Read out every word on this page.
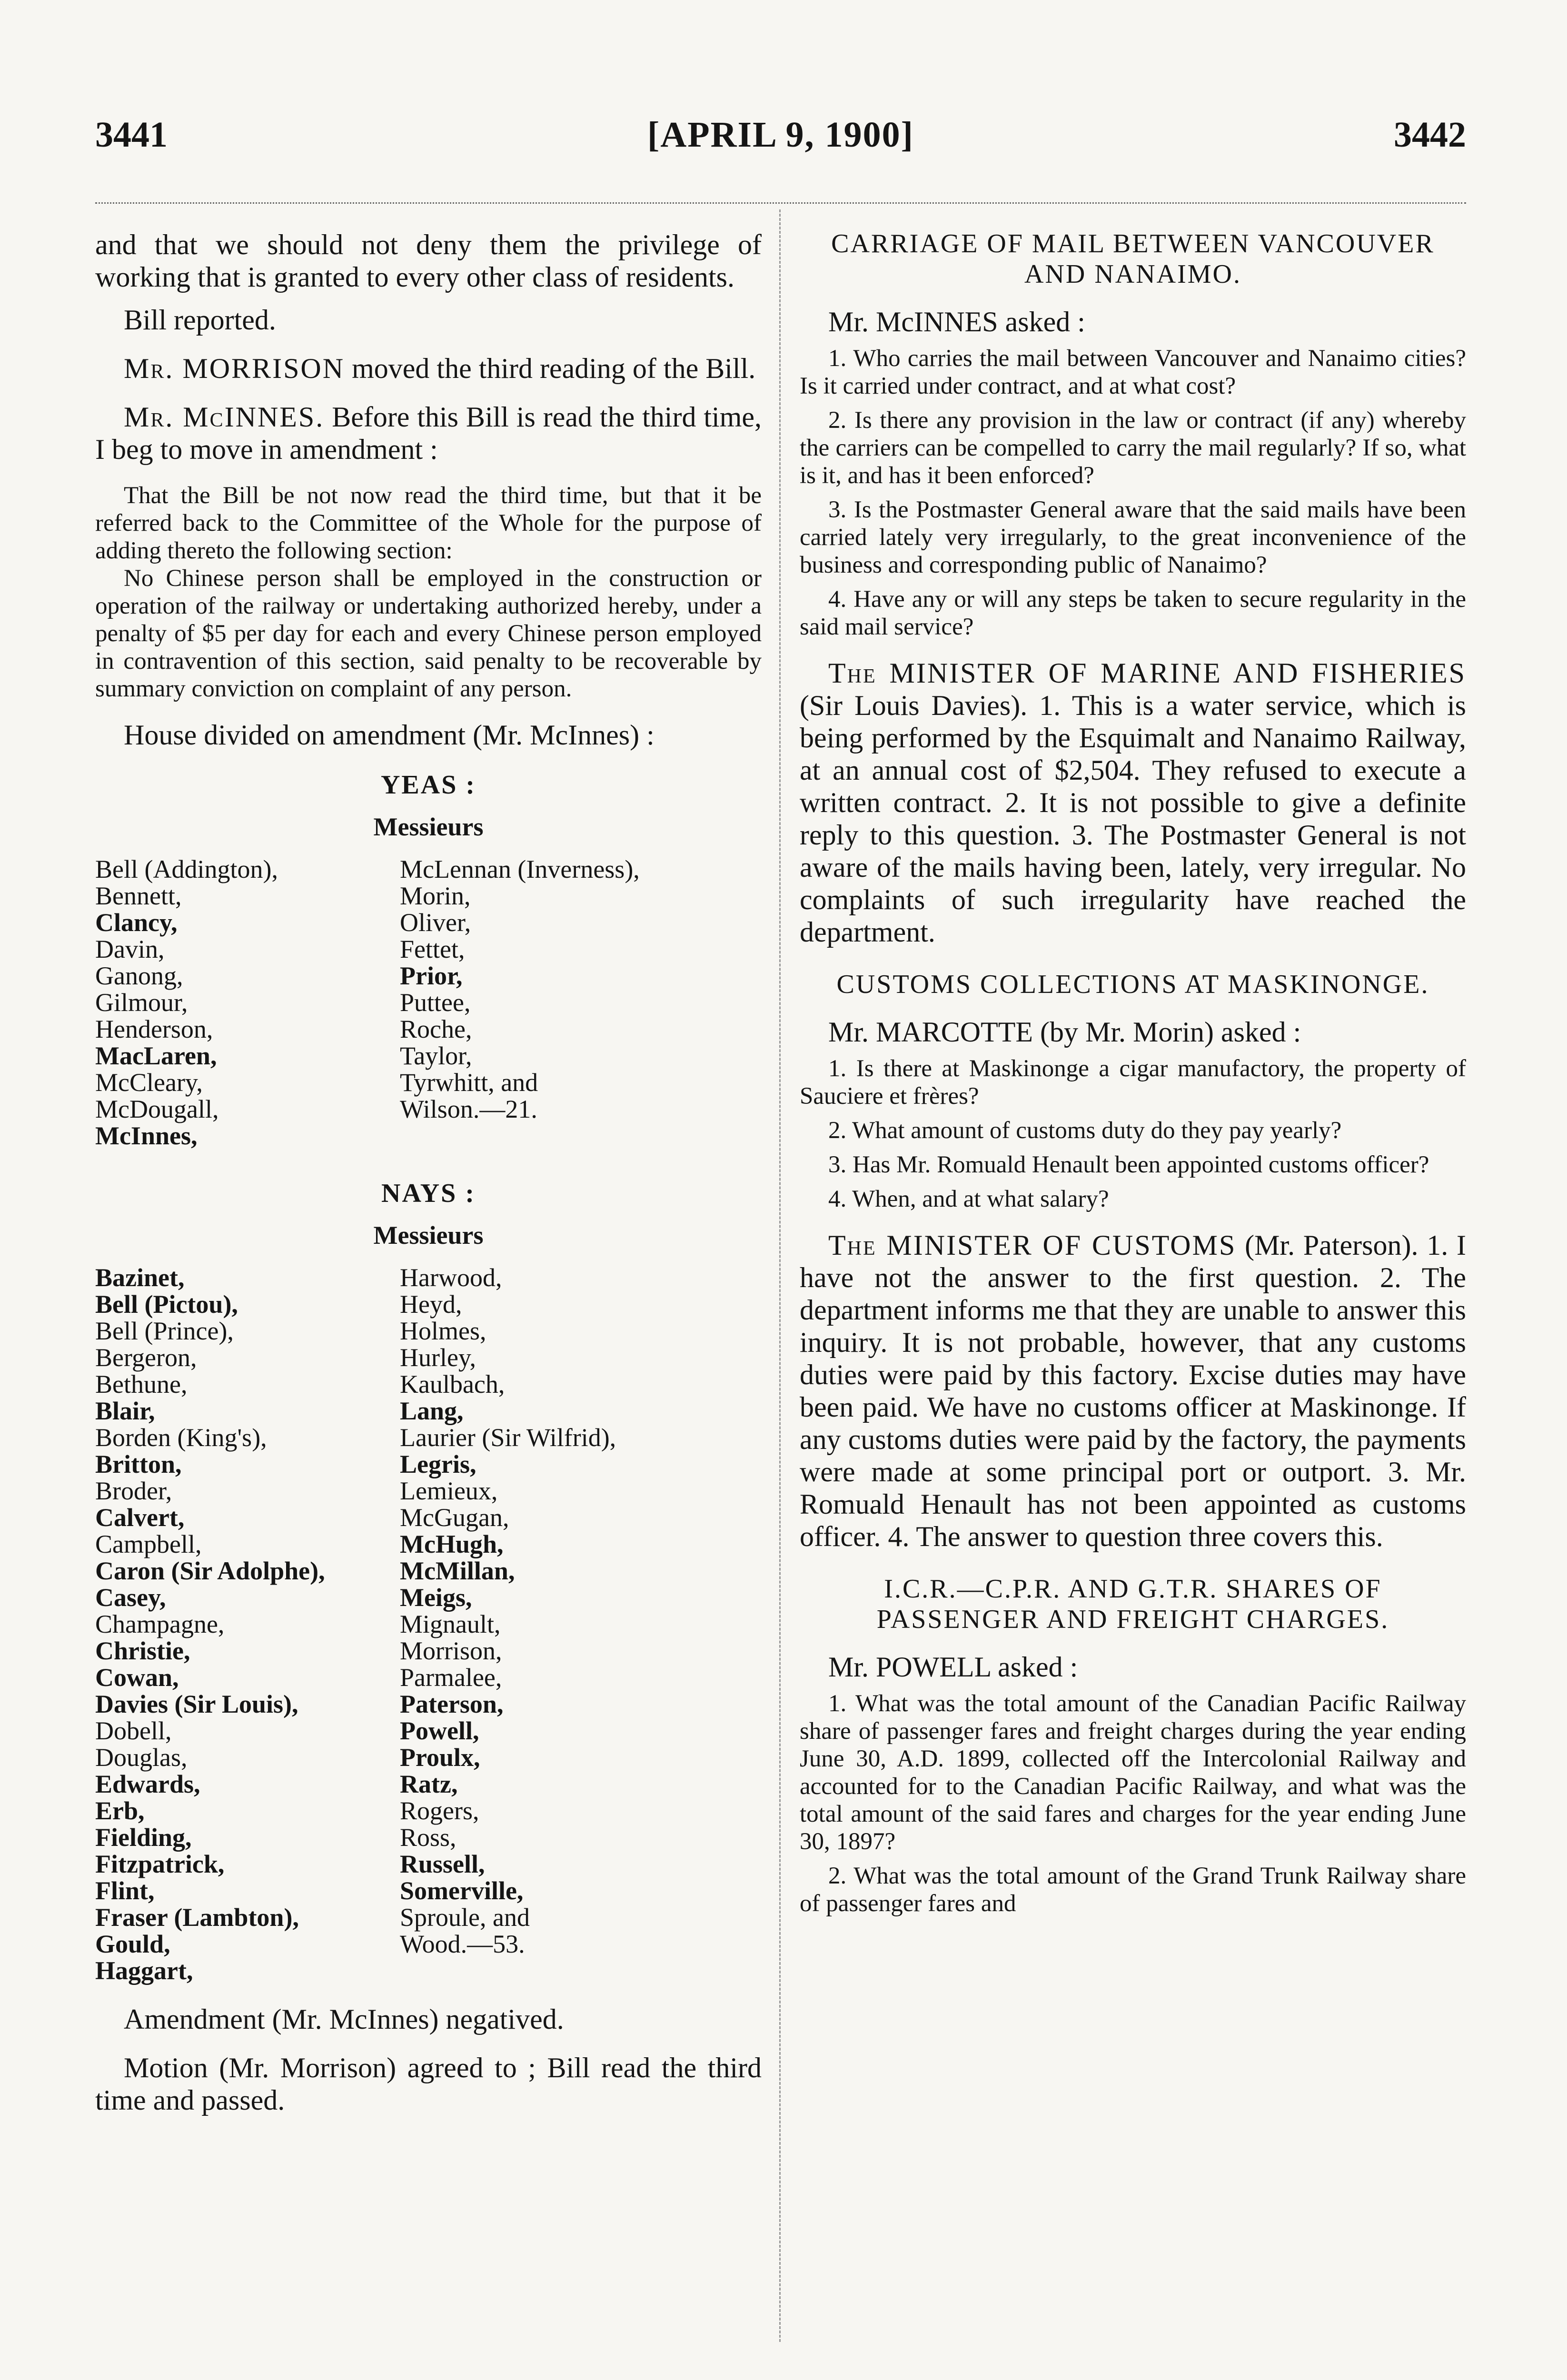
3441	[APRIL 9, 1900]	3442

and that we should not deny them the privilege of working that is granted to every other class of residents.

Bill reported.

Mr. MORRISON moved the third reading of the Bill.

Mr. McINNES. Before this Bill is read the third time, I beg to move in amendment :

That the Bill be not now read the third time, but that it be referred back to the Committee of the Whole for the purpose of adding thereto the following section:

No Chinese person shall be employed in the construction or operation of the railway or undertaking authorized hereby, under a penalty of $5 per day for each and every Chinese person employed in contravention of this section, said penalty to be recoverable by summary conviction on complaint of any person.

House divided on amendment (Mr. McInnes) :

YEAS :
Messieurs
Bell (Addington),
Bennett,
Clancy,
Davin,
Ganong,
Gilmour,
Henderson,
MacLaren,
McCleary,
McDougall,
McInnes,
McLennan (Inverness),
Morin,
Oliver,
Fettet,
Prior,
Puttee,
Roche,
Taylor,
Tyrwhitt, and
Wilson.—21.
NAYS :
Messieurs
Bazinet,
Bell (Pictou),
Bell (Prince),
Bergeron,
Bethune,
Blair,
Borden (King's),
Britton,
Broder,
Calvert,
Campbell,
Caron (Sir Adolphe),
Casey,
Champagne,
Christie,
Cowan,
Davies (Sir Louis),
Dobell,
Douglas,
Edwards,
Erb,
Fielding,
Fitzpatrick,
Flint,
Fraser (Lambton),
Gould,
Haggart,
Harwood,
Heyd,
Holmes,
Hurley,
Kaulbach,
Lang,
Laurier (Sir Wilfrid),
Legris,
Lemieux,
McGugan,
McHugh,
McMillan,
Meigs,
Mignault,
Morrison,
Parmalee,
Paterson,
Powell,
Proulx,
Ratz,
Rogers,
Ross,
Russell,
Somerville,
Sproule, and
Wood.—53.

Amendment (Mr. McInnes) negatived.

Motion (Mr. Morrison) agreed to ; Bill read the third time and passed.

CARRIAGE OF MAIL BETWEEN VANCOUVER AND NANAIMO.

Mr. McINNES asked :

1. Who carries the mail between Vancouver and Nanaimo cities? Is it carried under contract, and at what cost?

2. Is there any provision in the law or contract (if any) whereby the carriers can be compelled to carry the mail regularly? If so, what is it, and has it been enforced?

3. Is the Postmaster General aware that the said mails have been carried lately very irregularly, to the great inconvenience of the business and corresponding public of Nanaimo?

4. Have any or will any steps be taken to secure regularity in the said mail service?

The MINISTER OF MARINE AND FISHERIES (Sir Louis Davies). 1. This is a water service, which is being performed by the Esquimalt and Nanaimo Railway, at an annual cost of $2,504. They refused to execute a written contract. 2. It is not possible to give a definite reply to this question. 3. The Postmaster General is not aware of the mails having been, lately, very irregular. No complaints of such irregularity have reached the department.

CUSTOMS COLLECTIONS AT MASKINONGE.

Mr. MARCOTTE (by Mr. Morin) asked :

1. Is there at Maskinonge a cigar manufactory, the property of Sauciere et frères?

2. What amount of customs duty do they pay yearly?

3. Has Mr. Romuald Henault been appointed customs officer?

4. When, and at what salary?

The MINISTER OF CUSTOMS (Mr. Paterson). 1. I have not the answer to the first question. 2. The department informs me that they are unable to answer this inquiry. It is not probable, however, that any customs duties were paid by this factory. Excise duties may have been paid. We have no customs officer at Maskinonge. If any customs duties were paid by the factory, the payments were made at some principal port or outport. 3. Mr. Romuald Henault has not been appointed as customs officer. 4. The answer to question three covers this.

I.C.R.—C.P.R. AND G.T.R. SHARES OF PASSENGER AND FREIGHT CHARGES.

Mr. POWELL asked :

1. What was the total amount of the Canadian Pacific Railway share of passenger fares and freight charges during the year ending June 30, A.D. 1899, collected off the Intercolonial Railway and accounted for to the Canadian Pacific Railway, and what was the total amount of the said fares and charges for the year ending June 30, 1897?

2. What was the total amount of the Grand Trunk Railway share of passenger fares and
